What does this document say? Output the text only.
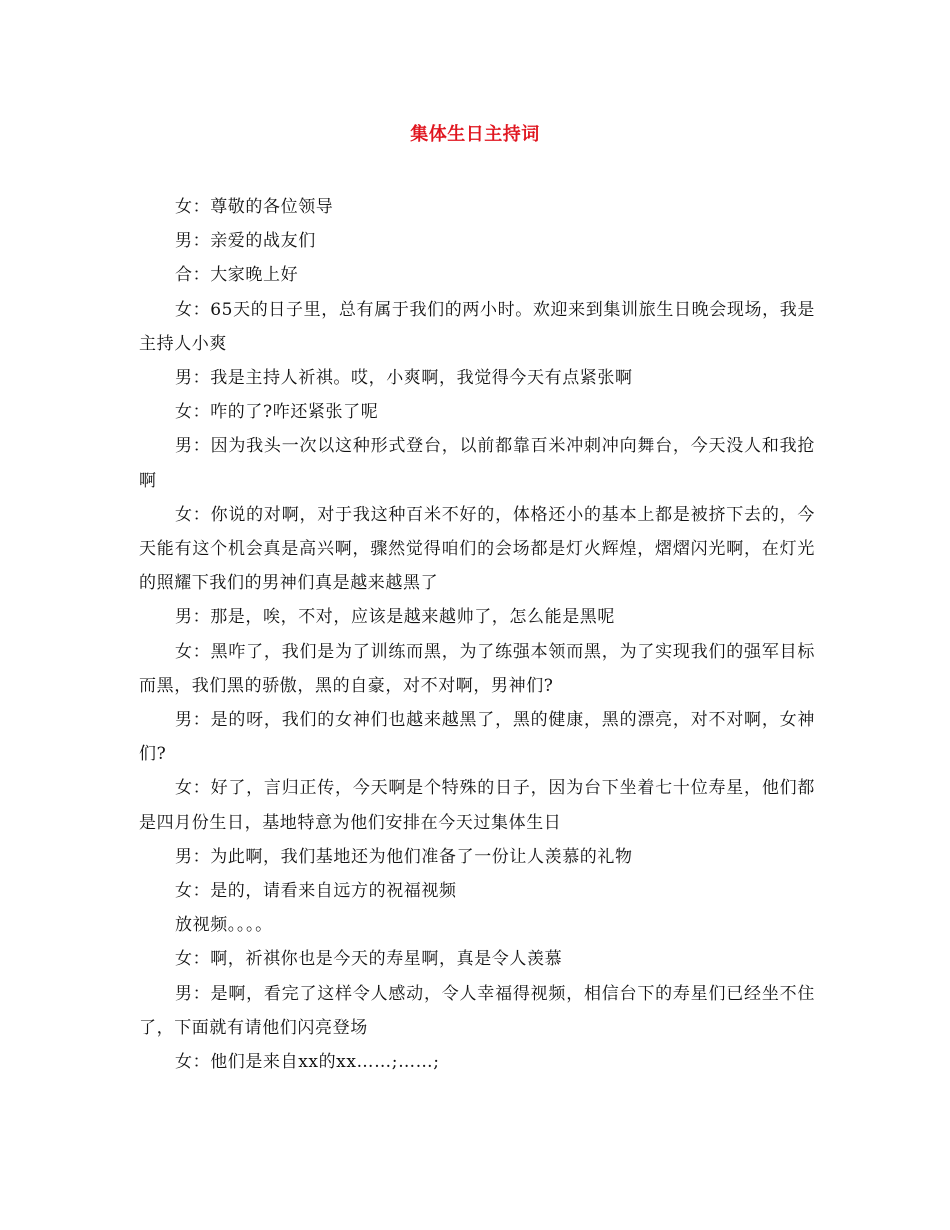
集体生日主持词

女：尊敬的各位领导

男：亲爱的战友们

合：大家晚上好

女：65天的日子里，总有属于我们的两小时。欢迎来到集训旅生日晚会现场，我是主持人小爽

男：我是主持人祈祺。哎，小爽啊，我觉得今天有点紧张啊

女：咋的了?咋还紧张了呢

男：因为我头一次以这种形式登台，以前都靠百米冲刺冲向舞台，今天没人和我抢啊

女：你说的对啊，对于我这种百米不好的，体格还小的基本上都是被挤下去的，今天能有这个机会真是高兴啊，骤然觉得咱们的会场都是灯火辉煌，熠熠闪光啊，在灯光的照耀下我们的男神们真是越来越黑了

男：那是，唉，不对，应该是越来越帅了，怎么能是黑呢

女：黑咋了，我们是为了训练而黑，为了练强本领而黑，为了实现我们的强军目标而黑，我们黑的骄傲，黑的自豪，对不对啊，男神们?

男：是的呀，我们的女神们也越来越黑了，黑的健康，黑的漂亮，对不对啊，女神们?

女：好了，言归正传，今天啊是个特殊的日子，因为台下坐着七十位寿星，他们都是四月份生日，基地特意为他们安排在今天过集体生日

男：为此啊，我们基地还为他们准备了一份让人羡慕的礼物

女：是的，请看来自远方的祝福视频

放视频。。。。

女：啊，祈祺你也是今天的寿星啊，真是令人羡慕

男：是啊，看完了这样令人感动，令人幸福得视频，相信台下的寿星们已经坐不住了，下面就有请他们闪亮登场

女：他们是来自xx的xx……;……;
